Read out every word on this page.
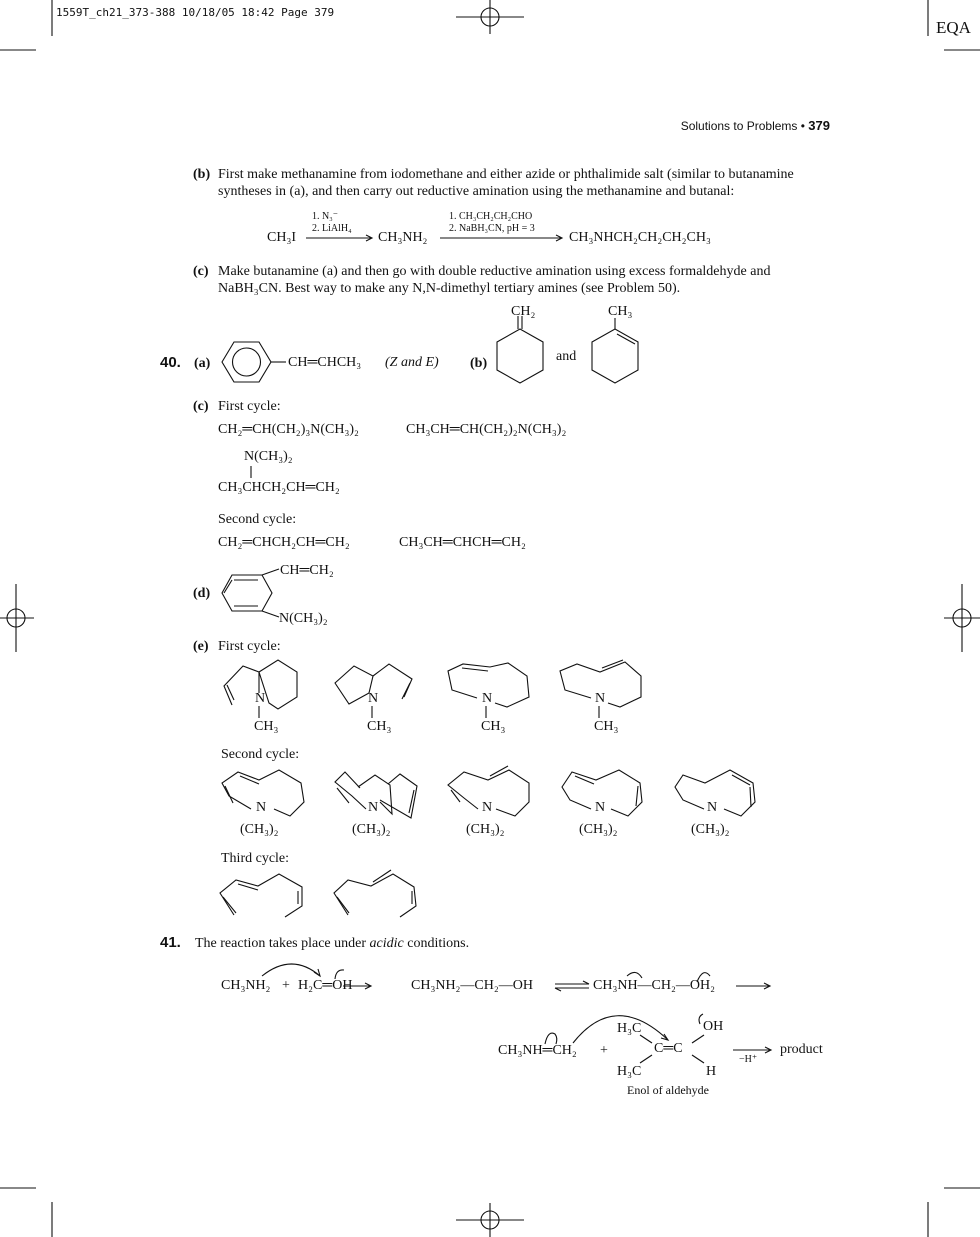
1559T_ch21_373-388 10/18/05 18:42 Page 379
EQA
Solutions to Problems • 379
(b) First make methanamine from iodomethane and either azide or phthalimide salt (similar to butanamine
syntheses in (a), and then carry out reductive amination using the methanamine and butanal:
CH₃I
1. N₃⁻
2. LiAlH₄
CH₃NH₂
1. CH₃CH₂CH₂CHO
2. NaBH₃CN, pH = 3
CH₃NHCH₂CH₂CH₂CH₃
(c) Make butanamine (a) and then go with double reductive amination using excess formaldehyde and
NaBH₃CN. Best way to make any N,N-dimethyl tertiary amines (see Problem 50).
40. (a)	CH═CHCH₃ (Z and E) (b)
CH₂
and
CH₃
(c) First cycle:
CH₂═CH(CH₂)₃N(CH₃)₂	CH₃CH═CH(CH₂)₂N(CH₃)₂
N(CH₃)₂
CH₃CHCH₂CH═CH₂
Second cycle:
CH₂═CHCH₂CH═CH₂	CH₃CH═CHCH═CH₂
(d)
CH═CH₂
N(CH₃)₂
(e) First cycle:
N
CH₃
N
CH₃
N
CH₃
N
CH₃
Second cycle:
N
(CH₃)₂
N
(CH₃)₂
N
(CH₃)₂
N
(CH₃)₂
N
(CH₃)₂
Third cycle:
41. The reaction takes place under acidic conditions.
CH₃NH₂ + H₂C═OH	CH₃NH₂—CH₂—OH	CH₃NH—CH₂—OH₂
CH₃NH═CH₂ +
H₃C
C═C
OH
H₃C	H
Enol of aldehyde
−H⁺
product
